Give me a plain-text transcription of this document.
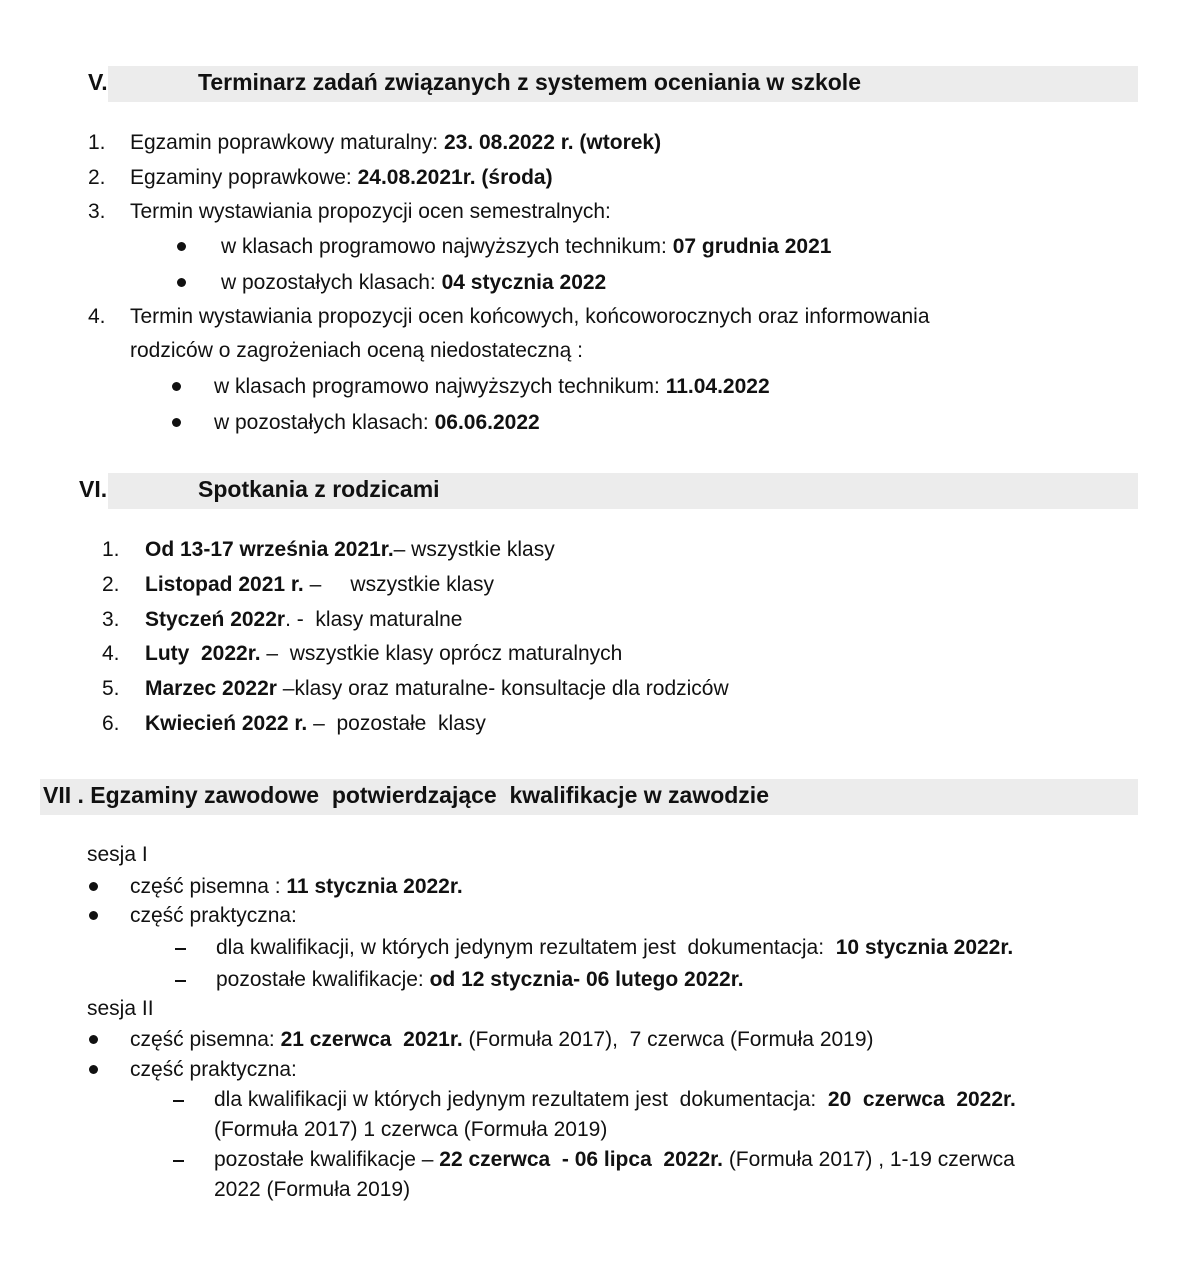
V.	Terminarz zadań związanych z systemem oceniania w szkole
1. Egzamin poprawkowy maturalny: 23. 08.2022 r. (wtorek)
2. Egzaminy poprawkowe: 24.08.2021r. (środa)
3. Termin wystawiania propozycji ocen semestralnych:
w klasach programowo najwyższych technikum: 07 grudnia 2021
w pozostałych klasach: 04 stycznia 2022
4. Termin wystawiania propozycji ocen końcowych, końcoworocznych oraz informowania
rodziców o zagrożeniach oceną niedostateczną :
w klasach programowo najwyższych technikum: 11.04.2022
w pozostałych klasach: 06.06.2022
VI.	Spotkania z rodzicami
1. Od 13-17 września 2021r.– wszystkie klasy
2. Listopad 2021 r. –     wszystkie klasy
3. Styczeń 2022r. -  klasy maturalne
4. Luty  2022r. –  wszystkie klasy oprócz maturalnych
5. Marzec 2022r –klasy oraz maturalne- konsultacje dla rodziców
6. Kwiecień 2022 r. –  pozostałe  klasy
VII . Egzaminy zawodowe  potwierdzające  kwalifikacje w zawodzie
sesja I
część pisemna : 11 stycznia 2022r.
część praktyczna:
dla kwalifikacji, w których jedynym rezultatem jest  dokumentacja:  10 stycznia 2022r.
pozostałe kwalifikacje: od 12 stycznia- 06 lutego 2022r.
sesja II
część pisemna: 21 czerwca  2021r. (Formuła 2017),  7 czerwca (Formuła 2019)
część praktyczna:
dla kwalifikacji w których jedynym rezultatem jest  dokumentacja:  20  czerwca  2022r.
(Formuła 2017) 1 czerwca (Formuła 2019)
pozostałe kwalifikacje – 22 czerwca  - 06 lipca  2022r. (Formuła 2017) , 1-19 czerwca
2022 (Formuła 2019)
